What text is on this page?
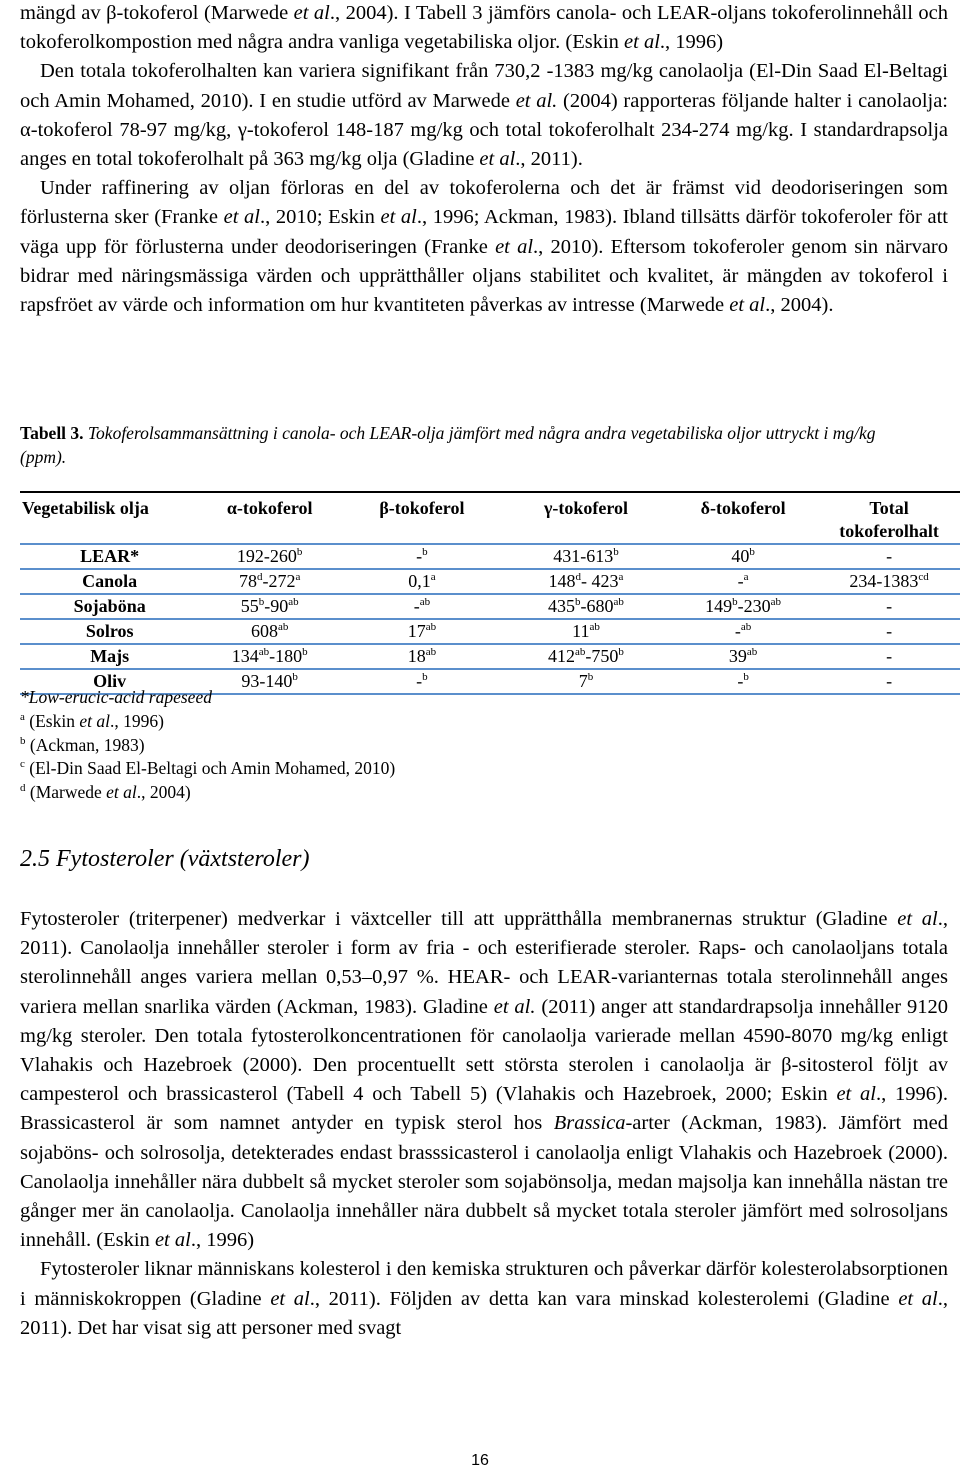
mängd av β-tokoferol (Marwede et al., 2004). I Tabell 3 jämförs canola- och LEAR-oljans tokoferolinnehåll och tokoferolkompostion med några andra vanliga vegetabiliska oljor. (Eskin et al., 1996)

Den totala tokoferolhalten kan variera signifikant från 730,2 -1383 mg/kg canolaolja (El-Din Saad El-Beltagi och Amin Mohamed, 2010). I en studie utförd av Marwede et al. (2004) rapporteras följande halter i canolaolja: α-tokoferol 78-97 mg/kg, γ-tokoferol 148-187 mg/kg och total tokoferolhalt 234-274 mg/kg. I standardrapsolja anges en total tokoferolhalt på 363 mg/kg olja (Gladine et al., 2011).

Under raffinering av oljan förloras en del av tokoferolerna och det är främst vid deodoriseringen som förlusterna sker (Franke et al., 2010; Eskin et al., 1996; Ackman, 1983). Ibland tillsätts därför tokoferoler för att väga upp för förlusterna under deodoriseringen (Franke et al., 2010). Eftersom tokoferoler genom sin närvaro bidrar med näringsmässiga värden och upprätthåller oljans stabilitet och kvalitet, är mängden av tokoferol i rapsfröet av värde och information om hur kvantiteten påverkas av intresse (Marwede et al., 2004).

Tabell 3. Tokoferolsammansättning i canola- och LEAR-olja jämfört med några andra vegetabiliska oljor uttryckt i mg/kg (ppm).

Vegetabilisk olja	α-tokoferol	β-tokoferol	γ-tokoferol	δ-tokoferol	Total tokoferolhalt
LEAR*	192-260$^b$	-$^b$	431-613$^b$	40$^b$	-
Canola	78$^d$-272$^a$	0,1$^a$	148$^d$- 423$^a$	-$^a$	$234-1383^{cd}$
Sojaböna	$55^b-90^{ab}$	-$^{ab}$	$435^b-680^{ab}$	$149^b-230^{ab}$	-
Solros	$608^{ab}$	$17^{ab}$	$11^{ab}$	-$^{ab}$	-
Majs	$134^{ab}-180^b$	$18^{ab}$	$412^{ab}-750^b$	$39^{ab}$	-
Oliv	93-140$^b$	-$^b$	7$^b$	-$^b$	-

*Low-erucic-acid rapeseed

$^a$ (Eskin et al., 1996)

$^b$ (Ackman, 1983)

$^c$ (El-Din Saad El-Beltagi och Amin Mohamed, 2010)

$^d$ (Marwede et al., 2004)

2.5 Fytosteroler (växtsteroler)

Fytosteroler (triterpener) medverkar i växtceller till att upprätthålla membranernas struktur (Gladine et al., 2011). Canolaolja innehåller steroler i form av fria - och esterifierade steroler. Raps- och canolaoljans totala sterolinnehåll anges variera mellan 0,53–0,97 %. HEAR- och LEAR-varianternas totala sterolinnehåll anges variera mellan snarlika värden (Ackman, 1983). Gladine et al. (2011) anger att standardrapsolja innehåller 9120 mg/kg steroler. Den totala fytosterolkoncentrationen för canolaolja varierade mellan 4590-8070 mg/kg enligt Vlahakis och Hazebroek (2000). Den procentuellt sett största sterolen i canolaolja är β-sitosterol följt av campesterol och brassicasterol (Tabell 4 och Tabell 5) (Vlahakis och Hazebroek, 2000; Eskin et al., 1996). Brassicasterol är som namnet antyder en typisk sterol hos Brassica-arter (Ackman, 1983). Jämfört med sojaböns- och solrosolja, detekterades endast brasssicasterol i canolaolja enligt Vlahakis och Hazebroek (2000). Canolaolja innehåller nära dubbelt så mycket steroler som sojabönsolja, medan majsolja kan innehålla nästan tre gånger mer än canolaolja. Canolaolja innehåller nära dubbelt så mycket totala steroler jämfört med solrosoljans innehåll. (Eskin et al., 1996)

Fytosteroler liknar människans kolesterol i den kemiska strukturen och påverkar därför kolesterolabsorptionen i människokroppen (Gladine et al., 2011). Följden av detta kan vara minskad kolesterolemi (Gladine et al., 2011). Det har visat sig att personer med svagt

16
